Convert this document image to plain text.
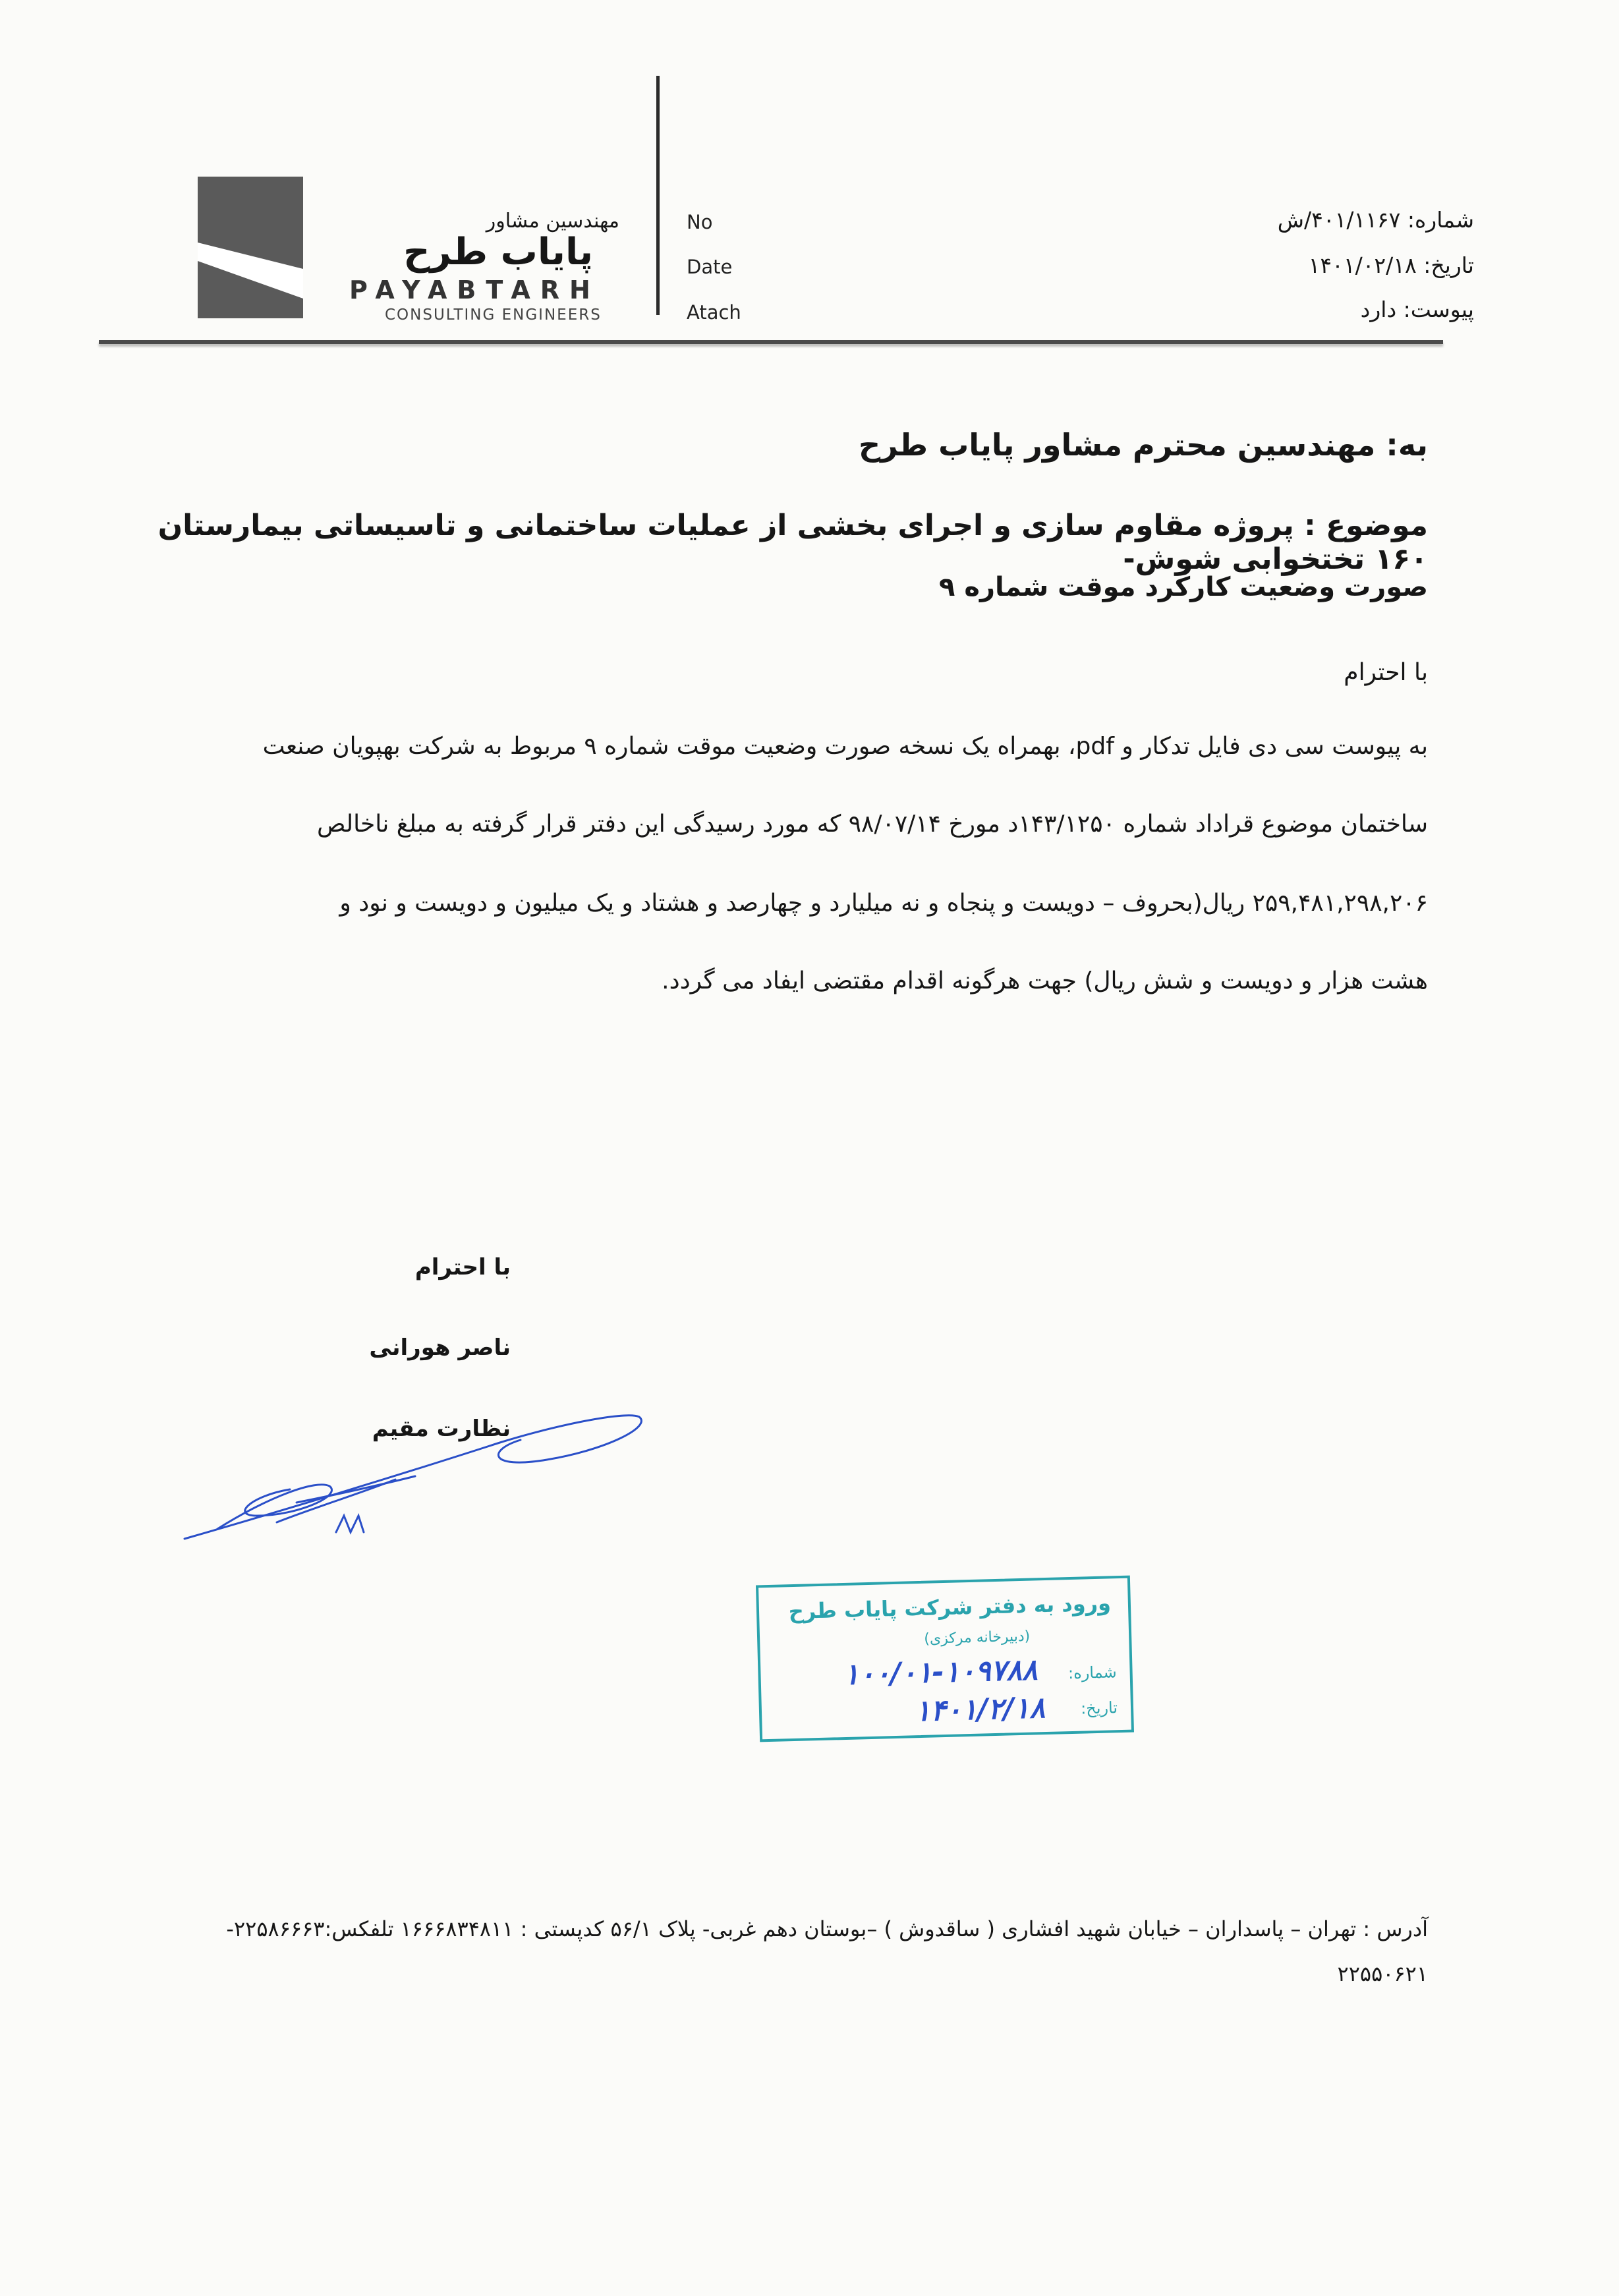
مهندسین مشاور
پایاب طرح
PAYABTARH
CONSULTING ENGINEERS
No
Date
Atach
شماره: ۴۰۱/۱۱۶۷/ش
تاریخ: ۱۴۰۱/۰۲/۱۸
پیوست: دارد
به: مهندسین محترم مشاور پایاب طرح
موضوع : پروژه مقاوم سازی و اجرای بخشی از عملیات ساختمانی و تاسیساتی بیمارستان ۱۶۰ تختخوابی شوش-
صورت وضعیت کارکرد موقت شماره ۹
با احترام
به پیوست سی دی فایل تدکار و pdf، بهمراه یک نسخه صورت وضعیت موقت شماره ۹ مربوط به شرکت بهپویان صنعت
ساختمان موضوع قراداد شماره ۱۴۳/۱۲۵۰د مورخ ۹۸/۰۷/۱۴ که مورد رسیدگی این دفتر قرار گرفته به مبلغ ناخالص
۲۵۹,۴۸۱,۲۹۸,۲۰۶ ریال(بحروف – دویست و پنجاه و نه میلیارد و چهارصد و هشتاد و یک میلیون و دویست و نود و
هشت هزار و دویست و شش ریال) جهت هرگونه اقدام مقتضی ایفاد می گردد.
با احترام
ناصر هورانی
نظارت مقیم
ورود به دفتر شرکت پایاب طرح
(دبیرخانه مرکزی)
شماره:
۱۰۰/۰۱-۱۰۹۷۸۸
تاریخ:
۱۴۰۱/۲/۱۸
آدرس : تهران – پاسداران – خیابان شهید افشاری ( ساقدوش ) –بوستان دهم غربی- پلاک ۵۶/۱ کدپستی : ۱۶۶۶۸۳۴۸۱۱ تلفکس:۲۲۵۸۶۶۶۳-
۲۲۵۵۰۶۲۱
